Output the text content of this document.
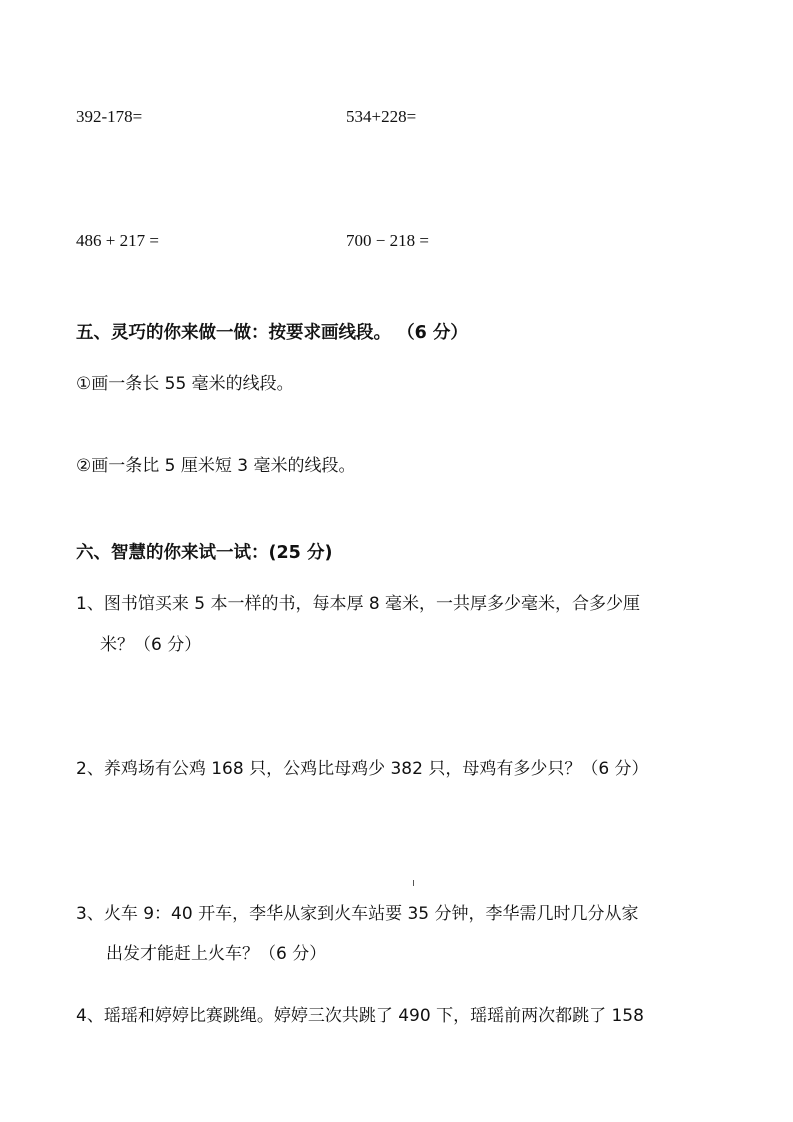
392-178=	534+228=
486 + 217 =	700 − 218 =
五、灵巧的你来做一做：按要求画线段。 （6 分）
①画一条长 55 毫米的线段。
②画一条比 5 厘米短 3 毫米的线段。
六、智慧的你来试一试：(25 分)
1、图书馆买来 5 本一样的书，每本厚 8 毫米，一共厚多少毫米，合多少厘
米？（6 分）
2、养鸡场有公鸡 168 只，公鸡比母鸡少 382 只，母鸡有多少只？（6 分）
3、火车 9：40 开车，李华从家到火车站要 35 分钟，李华需几时几分从家
出发才能赶上火车？（6 分）
4、瑶瑶和婷婷比赛跳绳。婷婷三次共跳了 490 下，瑶瑶前两次都跳了 158
